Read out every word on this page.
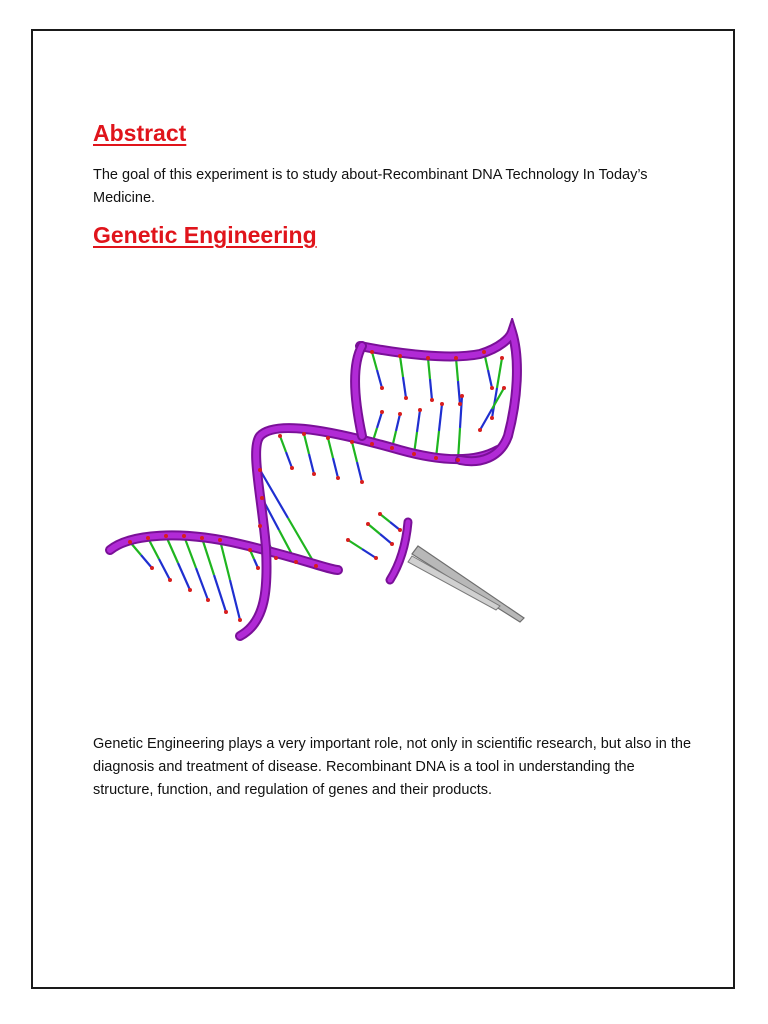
Abstract

The goal of this experiment is to study about-Recombinant DNA Technology In Today’s Medicine.

Genetic Engineering

Genetic Engineering plays a very important role, not only in scientific research, but also in the diagnosis and treatment of disease. Recombinant DNA is a tool in understanding the structure, function, and regulation of genes and their products.
